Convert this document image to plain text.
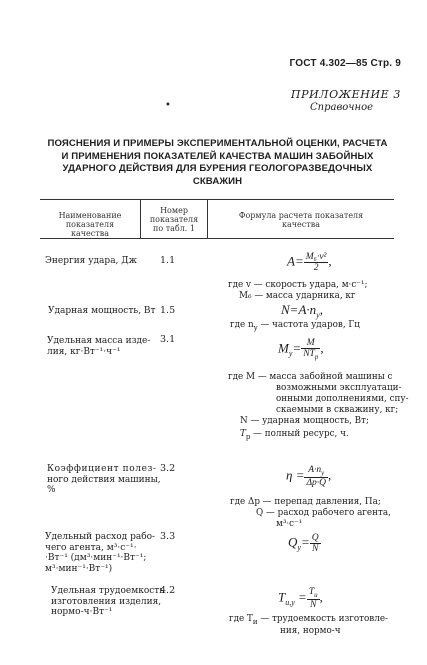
ГОСТ 4.302—85 Стр. 9
ПРИЛОЖЕНИЕ 3
Справочное
•
ПОЯСНЕНИЯ И ПРИМЕРЫ ЭКСПЕРИМЕНТАЛЬНОЙ ОЦЕНКИ, РАСЧЕТА
И ПРИМЕНЕНИЯ ПОКАЗАТЕЛЕЙ КАЧЕСТВА МАШИН ЗАБОЙНЫХ
УДАРНОГО ДЕЙСТВИЯ ДЛЯ БУРЕНИЯ ГЕОЛОГОРАЗВЕДОЧНЫХ
СКВАЖИН
Наименование показателя
качества
Номер
показателя
по табл. 1
Формула расчета показателя
качества
Энергия удара, Дж 1.1	$A= \frac{\text{M₆·v²}}{2}$ ,
где v — скорость удара, м·с⁻¹;
M₆ — масса ударника, кг
Ударная мощность, Вт 1.5	$N=A\cdot n_y$,
где $n_y$ — частота ударов, Гц
Удельная масса изде-
лия, кг·Вт⁻¹·ч⁻¹
3.1
$M_y= \frac{M}{NT_p}$ ,
где M — масса забойной машины с
возможными эксплуатаци-
онными дополнениями, спу-
скаемыми в скважину, кг;
N — ударная мощность, Вт;
$T_p$ — полный ресурс, ч.
Коэффициент полез-
ного действия машины,
%
3.2	$\eta = \frac{A\cdot n_y}{\Delta p\cdot Q}$ ,
где Δp — перепад давления, Па;
Q — расход рабочего агента,
м³·с⁻¹
Удельный расход рабо-
чего агента, м³·с⁻¹·
·Вт⁻¹ (дм³·мин⁻¹·Вт⁻¹;
м³·мин⁻¹·Вт⁻¹)
3.3	$Q_y= \frac{Q}{N}$
Удельная трудоемкость
изготовления изделия,
нормо-ч·Вт⁻¹
4.2	$T_{и,у} = \frac{T_и}{N}$ ,
где $T_и$ — трудоемкость изготовле-
ния, нормо-ч
